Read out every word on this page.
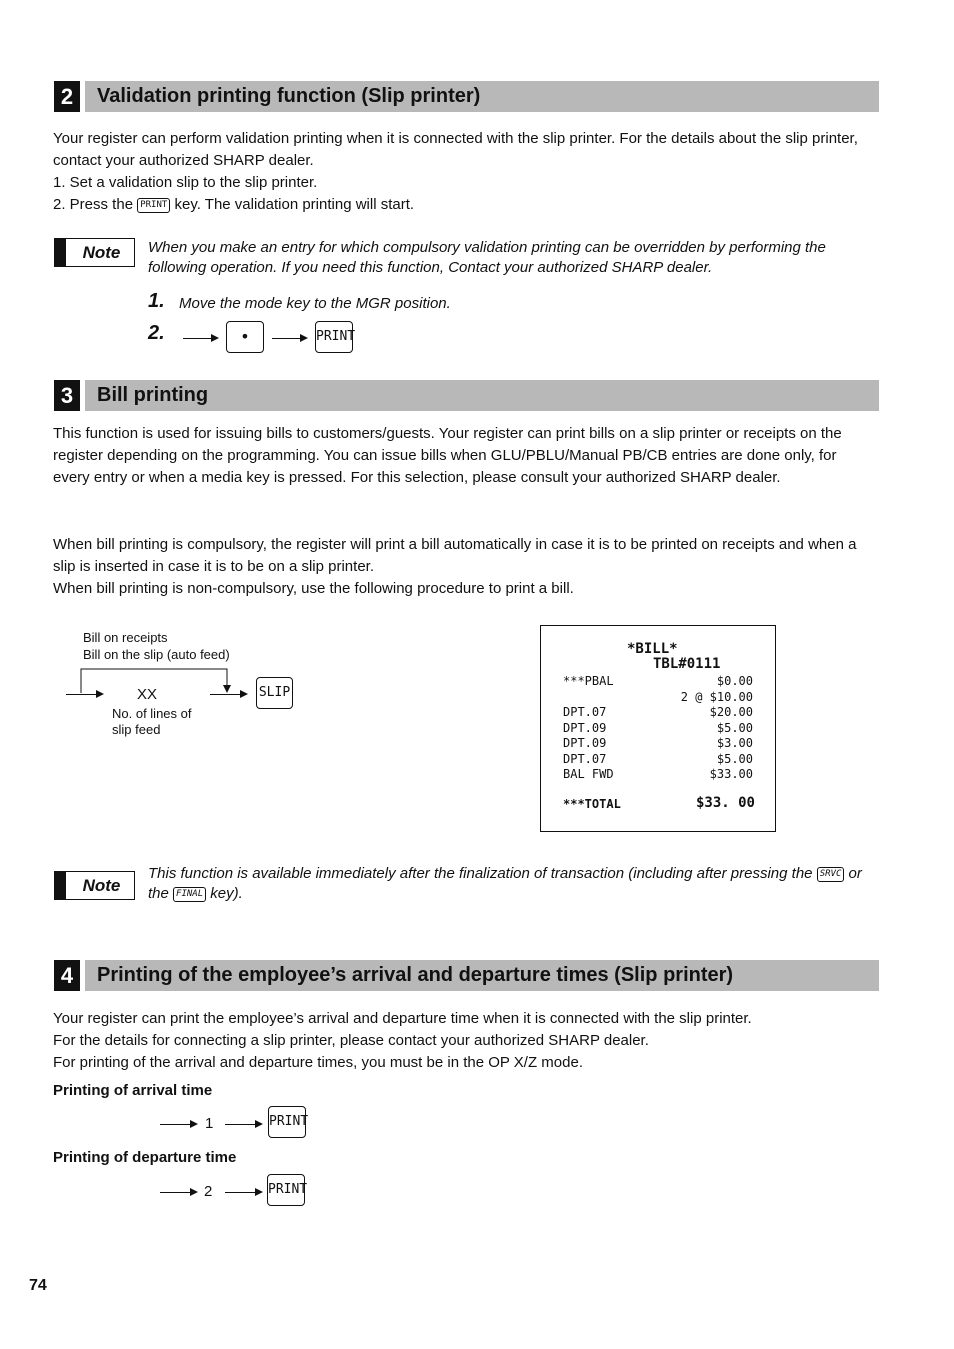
2	Validation printing function (Slip printer)
Your register can perform validation printing when it is connected with the slip printer. For the details about the slip printer, contact your authorized SHARP dealer.
1. Set a validation slip to the slip printer.
2. Press the PRINT key. The validation printing will start.
Note	When you make an entry for which compulsory validation printing can be overridden by performing the following operation. If you need this function, Contact your authorized SHARP dealer.
1. Move the mode key to the MGR position.
2.	•	PRINT
3	Bill printing
This function is used for issuing bills to customers/guests. Your register can print bills on a slip printer or receipts on the register depending on the programming. You can issue bills when GLU/PBLU/Manual PB/CB entries are done only, for every entry or when a media key is pressed. For this selection, please consult your authorized SHARP dealer.
When bill printing is compulsory, the register will print a bill automatically in case it is to be printed on receipts and when a slip is inserted in case it is to be on a slip printer.
When bill printing is non-compulsory, use the following procedure to print a bill.
Bill on receipts
Bill on the slip (auto feed)
XX
No. of lines of
slip feed
SLIP
*BILL*
TBL#0111
***PBAL	$0.00
2 @ $10.00
DPT.07	$20.00
DPT.09	$5.00
DPT.09	$3.00
DPT.07	$5.00
BAL FWD	$33.00
***TOTAL	$33. 00
Note
This function is available immediately after the finalization of transaction (including after pressing the SRVC or the FINAL key).
4	Printing of the employee’s arrival and departure times (Slip printer)
Your register can print the employee’s arrival and departure time when it is connected with the slip printer.
For the details for connecting a slip printer, please contact your authorized SHARP dealer.
For printing of the arrival and departure times, you must be in the OP X/Z mode.
Printing of arrival time
1	PRINT
Printing of departure time
2	PRINT
74
